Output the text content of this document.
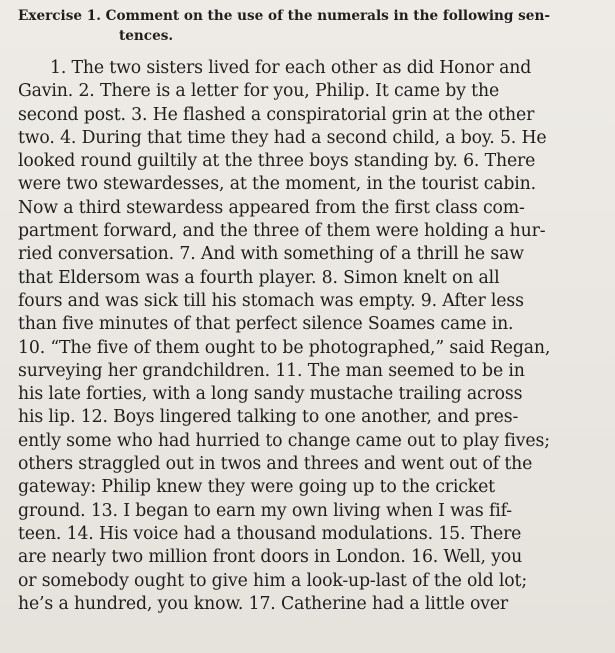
Exercise 1. Comment on the use of the numerals in the following sen-
tences.
1. The two sisters lived for each other as did Honor and
Gavin. 2. There is a letter for you, Philip. It came by the
second post. 3. He flashed a conspiratorial grin at the other
two. 4. During that time they had a second child, a boy. 5. He
looked round guiltily at the three boys standing by. 6. There
were two stewardesses, at the moment, in the tourist cabin.
Now a third stewardess appeared from the first class com-
partment forward, and the three of them were holding a hur-
ried conversation. 7. And with something of a thrill he saw
that Eldersom was a fourth player. 8. Simon knelt on all
fours and was sick till his stomach was empty. 9. After less
than five minutes of that perfect silence Soames came in.
10. “The five of them ought to be photographed,” said Regan,
surveying her grandchildren. 11. The man seemed to be in
his late forties, with a long sandy mustache trailing across
his lip. 12. Boys lingered talking to one another, and pres-
ently some who had hurried to change came out to play fives;
others straggled out in twos and threes and went out of the
gateway: Philip knew they were going up to the cricket
ground. 13. I began to earn my own living when I was fif-
teen. 14. His voice had a thousand modulations. 15. There
are nearly two million front doors in London. 16. Well, you
or somebody ought to give him a look-up-last of the old lot;
he’s a hundred, you know. 17. Catherine had a little over
